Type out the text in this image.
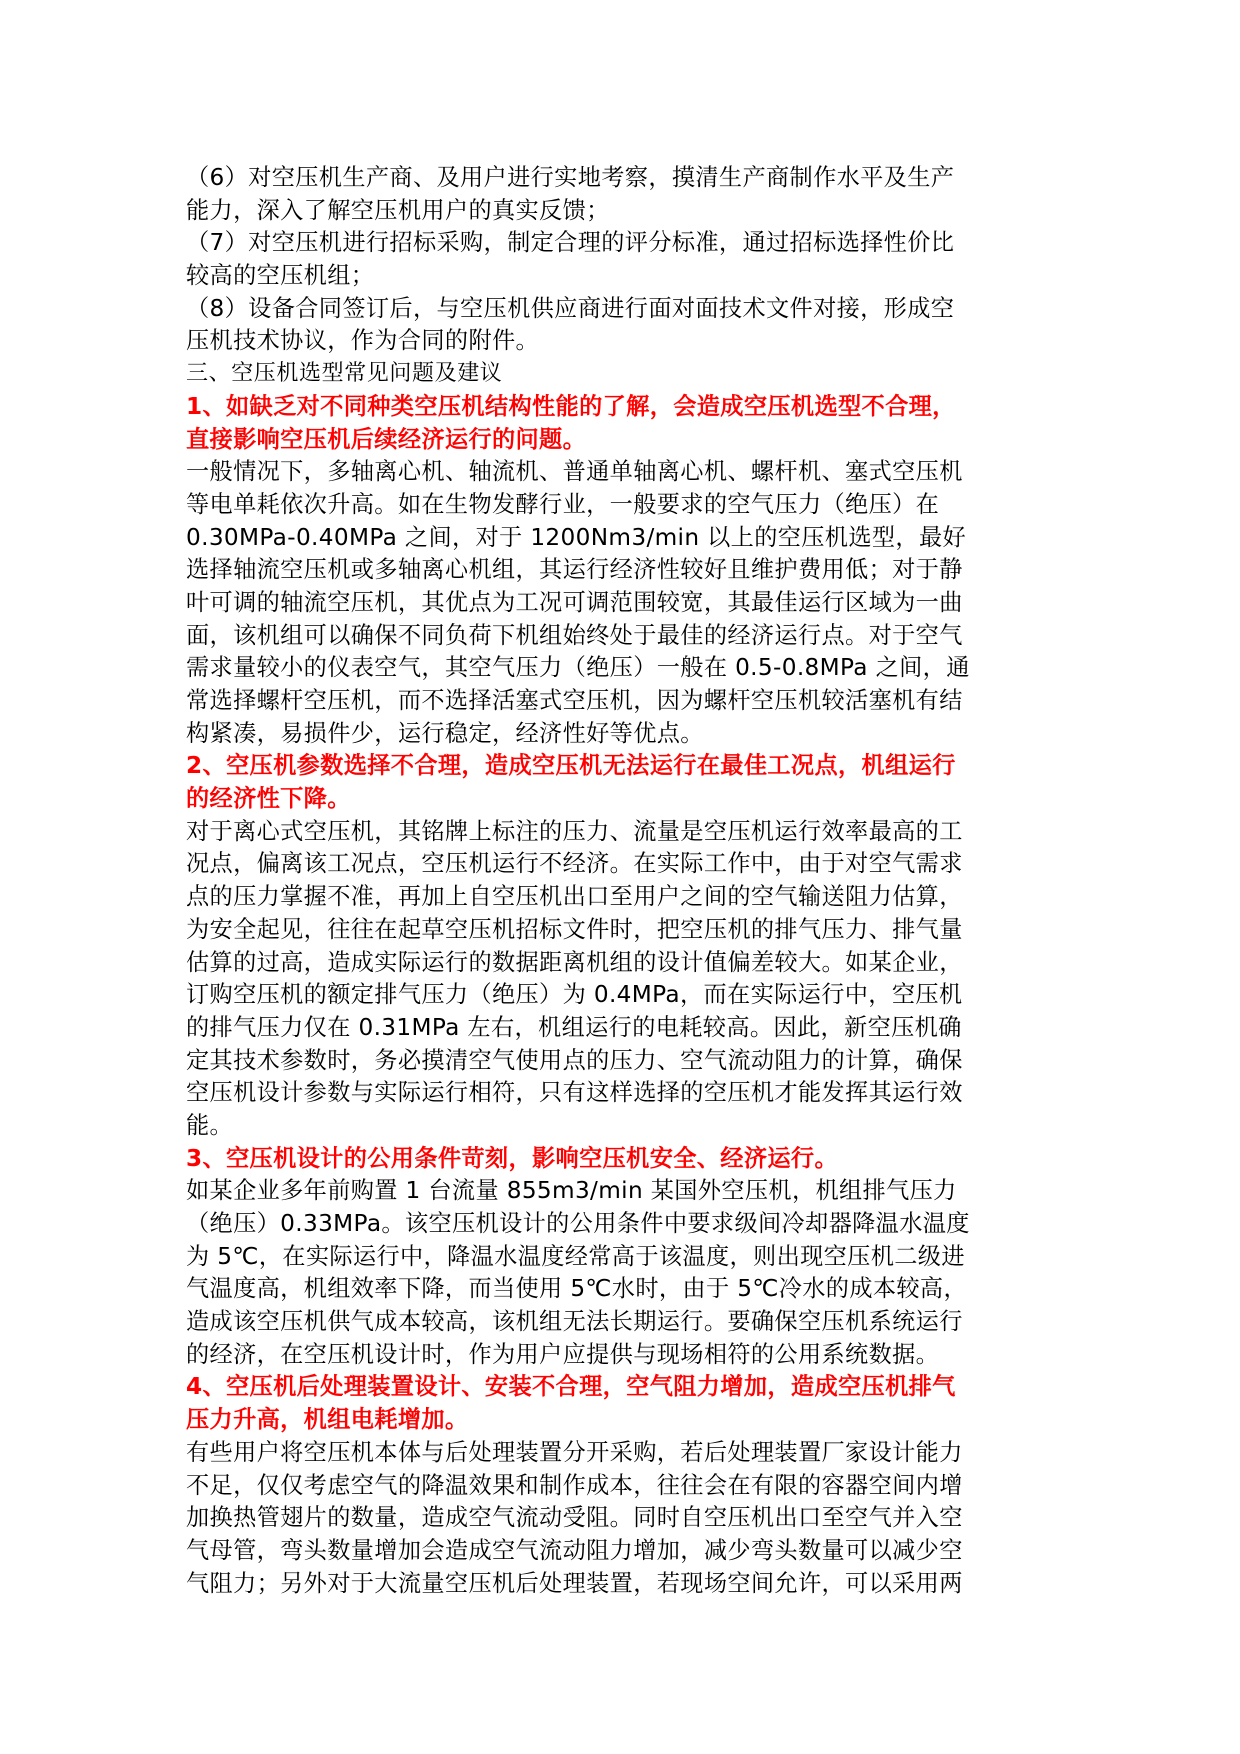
（6）对空压机生产商、及用户进行实地考察，摸清生产商制作水平及生产
能力，深入了解空压机用户的真实反馈；
（7）对空压机进行招标采购，制定合理的评分标准，通过招标选择性价比
较高的空压机组；
（8）设备合同签订后，与空压机供应商进行面对面技术文件对接，形成空
压机技术协议，作为合同的附件。
三、空压机选型常见问题及建议
1、如缺乏对不同种类空压机结构性能的了解，会造成空压机选型不合理，
直接影响空压机后续经济运行的问题。
一般情况下，多轴离心机、轴流机、普通单轴离心机、螺杆机、塞式空压机
等电单耗依次升高。如在生物发酵行业，一般要求的空气压力（绝压）在
0.30MPa-0.40MPa 之间，对于 1200Nm3/min 以上的空压机选型，最好
选择轴流空压机或多轴离心机组，其运行经济性较好且维护费用低；对于静
叶可调的轴流空压机，其优点为工况可调范围较宽，其最佳运行区域为一曲
面，该机组可以确保不同负荷下机组始终处于最佳的经济运行点。对于空气
需求量较小的仪表空气，其空气压力（绝压）一般在 0.5-0.8MPa 之间，通
常选择螺杆空压机，而不选择活塞式空压机，因为螺杆空压机较活塞机有结
构紧凑，易损件少，运行稳定，经济性好等优点。
2、空压机参数选择不合理，造成空压机无法运行在最佳工况点，机组运行
的经济性下降。
对于离心式空压机，其铭牌上标注的压力、流量是空压机运行效率最高的工
况点，偏离该工况点，空压机运行不经济。在实际工作中，由于对空气需求
点的压力掌握不准，再加上自空压机出口至用户之间的空气输送阻力估算，
为安全起见，往往在起草空压机招标文件时，把空压机的排气压力、排气量
估算的过高，造成实际运行的数据距离机组的设计值偏差较大。如某企业，
订购空压机的额定排气压力（绝压）为 0.4MPa，而在实际运行中，空压机
的排气压力仅在 0.31MPa 左右，机组运行的电耗较高。因此，新空压机确
定其技术参数时，务必摸清空气使用点的压力、空气流动阻力的计算，确保
空压机设计参数与实际运行相符，只有这样选择的空压机才能发挥其运行效
能。
3、空压机设计的公用条件苛刻，影响空压机安全、经济运行。
如某企业多年前购置 1 台流量 855m3/min 某国外空压机，机组排气压力
（绝压）0.33MPa。该空压机设计的公用条件中要求级间冷却器降温水温度
为 5℃，在实际运行中，降温水温度经常高于该温度，则出现空压机二级进
气温度高，机组效率下降，而当使用 5℃水时，由于 5℃冷水的成本较高，
造成该空压机供气成本较高，该机组无法长期运行。要确保空压机系统运行
的经济，在空压机设计时，作为用户应提供与现场相符的公用系统数据。
4、空压机后处理装置设计、安装不合理，空气阻力增加，造成空压机排气
压力升高，机组电耗增加。
有些用户将空压机本体与后处理装置分开采购，若后处理装置厂家设计能力
不足，仅仅考虑空气的降温效果和制作成本，往往会在有限的容器空间内增
加换热管翅片的数量，造成空气流动受阻。同时自空压机出口至空气并入空
气母管，弯头数量增加会造成空气流动阻力增加，减少弯头数量可以减少空
气阻力；另外对于大流量空压机后处理装置，若现场空间允许，可以采用两
